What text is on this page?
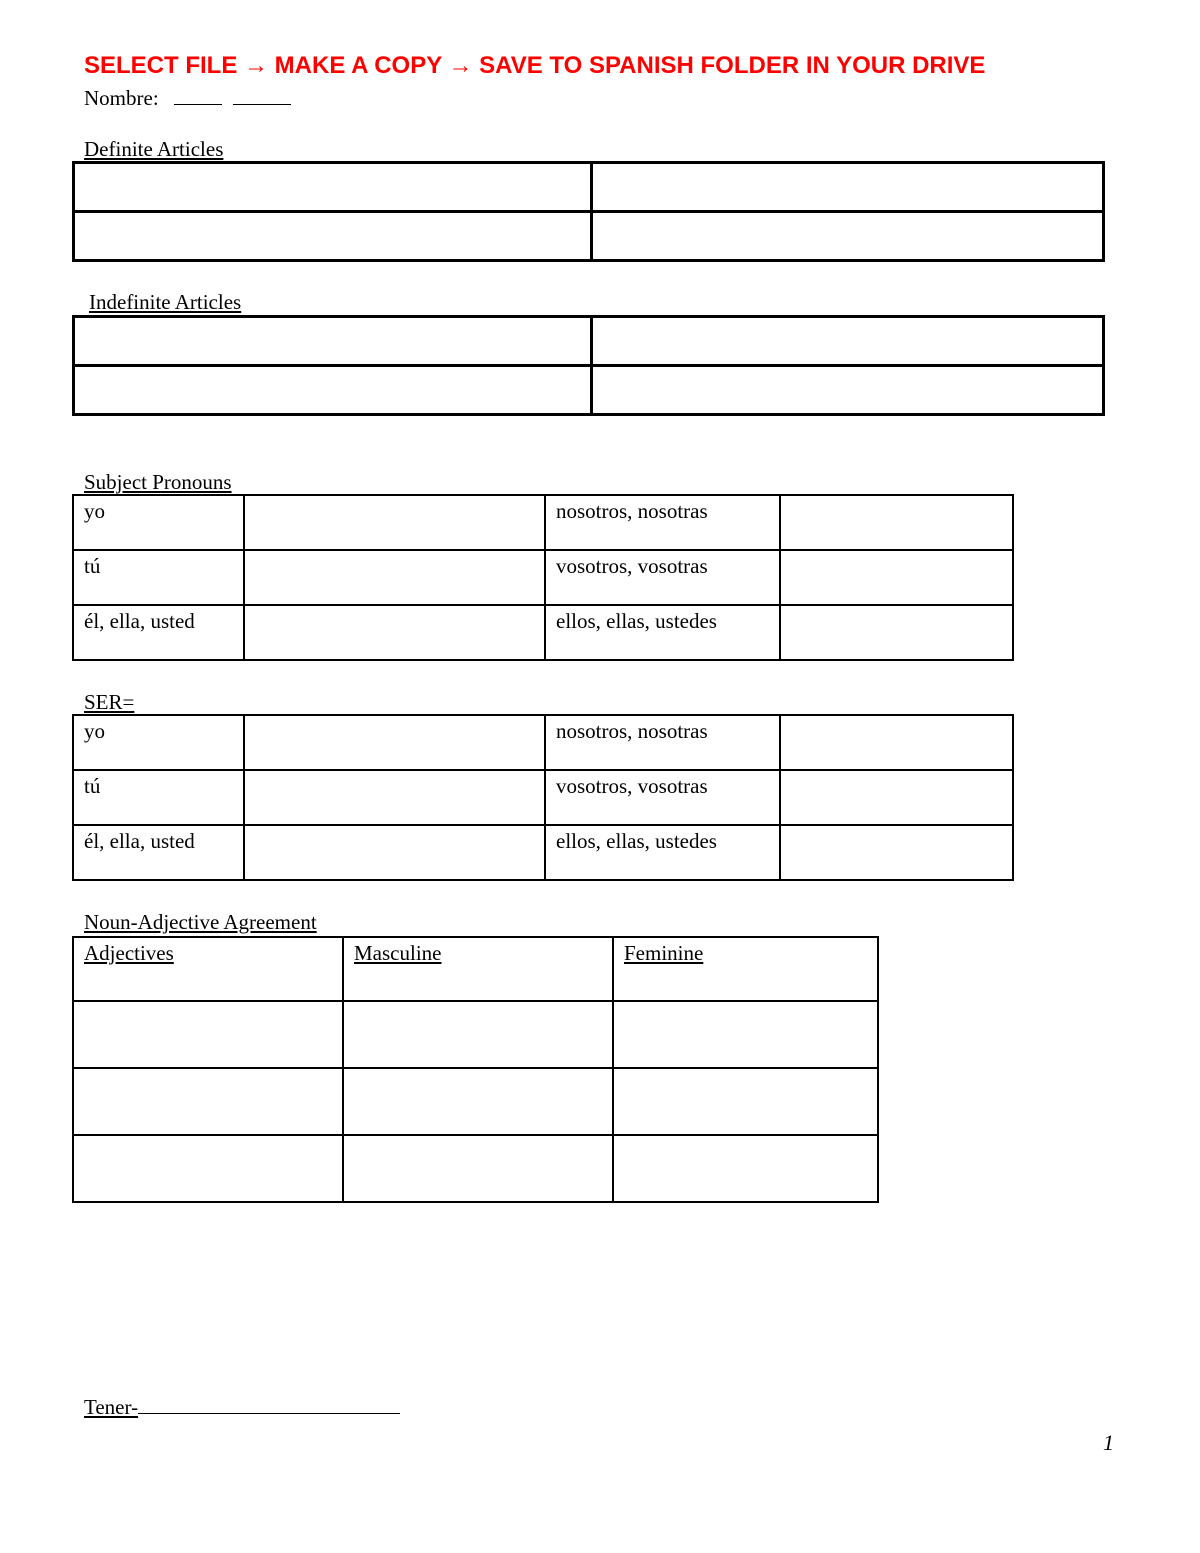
SELECT FILE → MAKE A COPY → SAVE TO SPANISH FOLDER IN YOUR DRIVE
Nombre:
Definite Articles

Indefinite Articles

Subject Pronouns
yo		nosotros, nosotras	

tú		vosotros, vosotras	

él, ella, usted		ellos, ellas, ustedes	

SER=
yo		nosotros, nosotras	

tú		vosotros, vosotras	

él, ella, usted		ellos, ellas, ustedes	

Noun-Adjective Agreement
Adjectives	Masculine	Feminine

Tener-
1
